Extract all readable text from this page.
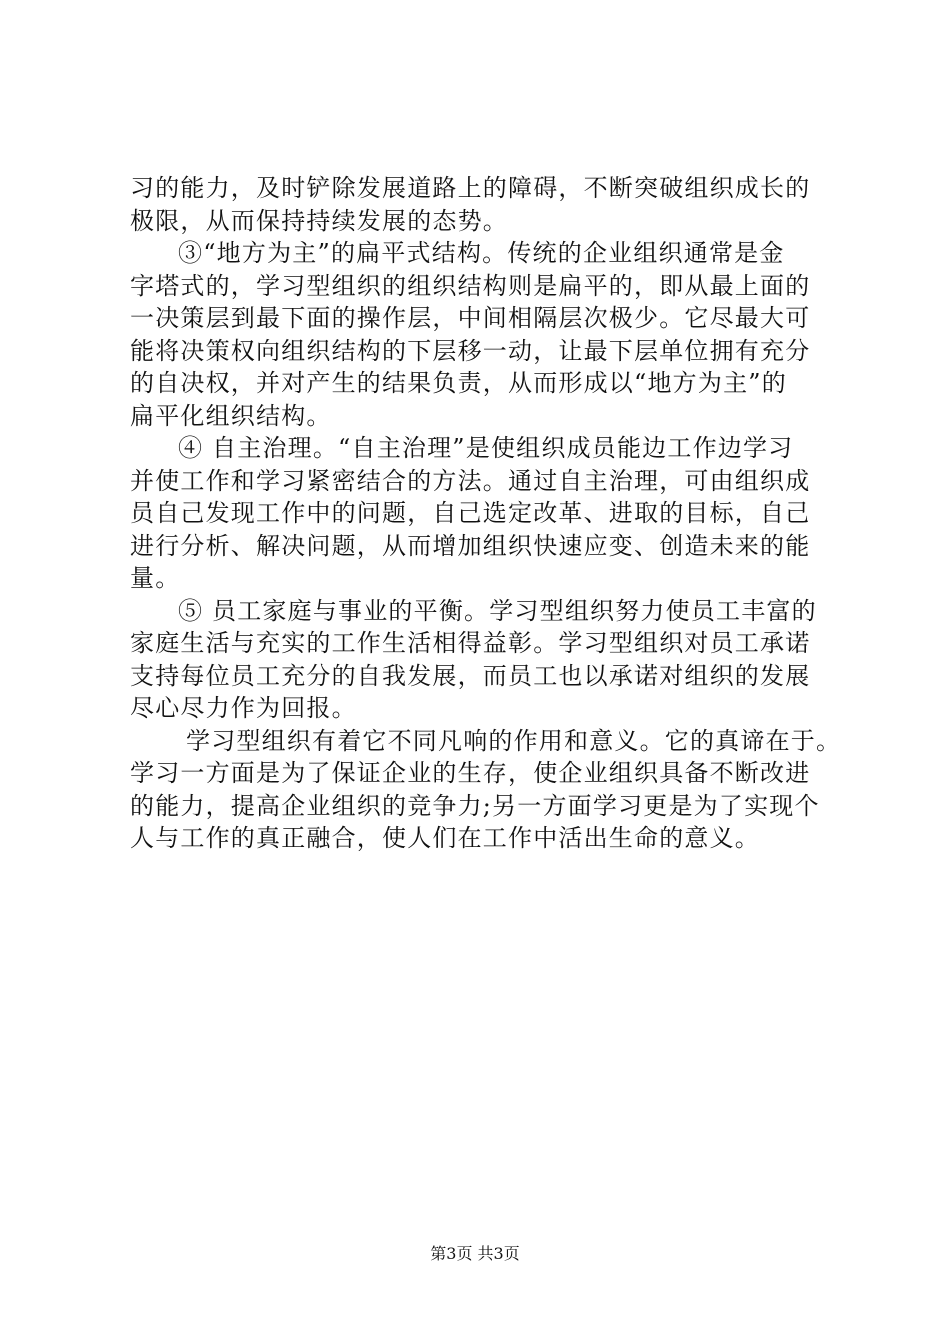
习的能力，及时铲除发展道路上的障碍，不断突破组织成长的
极限，从而保持持续发展的态势。
③“地方为主”的扁平式结构。传统的企业组织通常是金
字塔式的，学习型组织的组织结构则是扁平的，即从最上面的
一决策层到最下面的操作层，中间相隔层次极少。它尽最大可
能将决策权向组织结构的下层移一动，让最下层单位拥有充分
的自决权，并对产生的结果负责，从而形成以“地方为主”的
扁平化组织结构。
④ 自主治理。“自主治理”是使组织成员能边工作边学习
并使工作和学习紧密结合的方法。通过自主治理，可由组织成
员自己发现工作中的问题，自己选定改革、进取的目标，自己
进行分析、解决问题，从而增加组织快速应变、创造未来的能
量。
⑤ 员工家庭与事业的平衡。学习型组织努力使员工丰富的
家庭生活与充实的工作生活相得益彰。学习型组织对员工承诺
支持每位员工充分的自我发展，而员工也以承诺对组织的发展
尽心尽力作为回报。
学习型组织有着它不同凡响的作用和意义。它的真谛在于。
学习一方面是为了保证企业的生存，使企业组织具备不断改进
的能力，提高企业组织的竞争力;另一方面学习更是为了实现个
人与工作的真正融合，使人们在工作中活出生命的意义。
第3页 共3页
